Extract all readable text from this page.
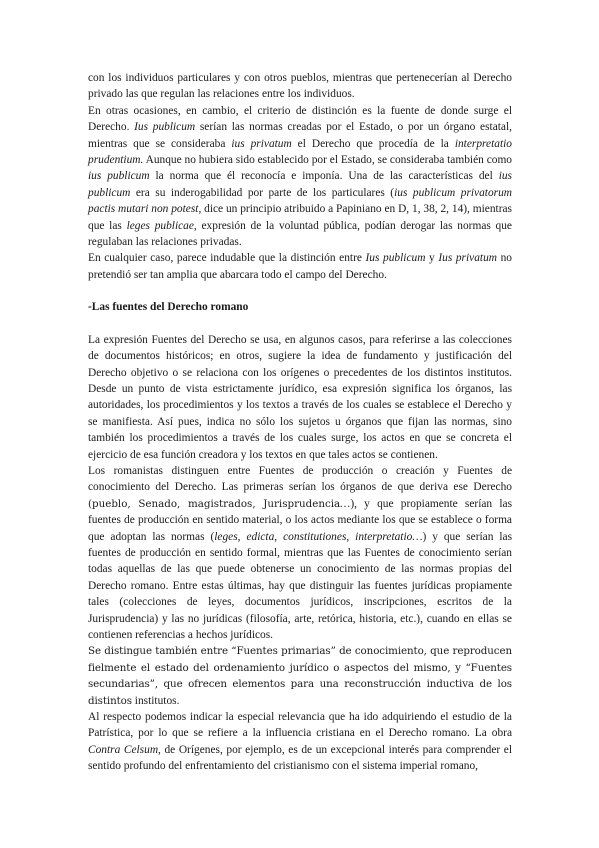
con los individuos particulares y con otros pueblos, mientras que pertenecerían al Derecho privado las que regulan las relaciones entre los individuos.

En otras ocasiones, en cambio, el criterio de distinción es la fuente de donde surge el Derecho. Ius publicum serían las normas creadas por el Estado, o por un órgano estatal, mientras que se consideraba ius privatum el Derecho que procedía de la interpretatio prudentium. Aunque no hubiera sido establecido por el Estado, se consideraba también como ius publicum la norma que él reconocía e imponía. Una de las características del ius publicum era su inderogabilidad por parte de los particulares (ius publicum privatorum pactis mutari non potest, dice un principio atribuido a Papiniano en D, 1, 38, 2, 14), mientras que las leges publicae, expresión de la voluntad pública, podían derogar las normas que regulaban las relaciones privadas.

En cualquier caso, parece indudable que la distinción entre Ius publicum y Ius privatum no pretendió ser tan amplia que abarcara todo el campo del Derecho.

-Las fuentes del Derecho romano

La expresión Fuentes del Derecho se usa, en algunos casos, para referirse a las colecciones de documentos históricos; en otros, sugiere la idea de fundamento y justificación del Derecho objetivo o se relaciona con los orígenes o precedentes de los distintos institutos. Desde un punto de vista estrictamente jurídico, esa expresión significa los órganos, las autoridades, los procedimientos y los textos a través de los cuales se establece el Derecho y se manifiesta. Así pues, indica no sólo los sujetos u órganos que fijan las normas, sino también los procedimientos a través de los cuales surge, los actos en que se concreta el ejercicio de esa función creadora y los textos en que tales actos se contienen.

Los romanistas distinguen entre Fuentes de producción o creación y Fuentes de conocimiento del Derecho. Las primeras serían los órganos de que deriva ese Derecho (pueblo, Senado, magistrados, Jurisprudencia…), y que propiamente serían las fuentes de producción en sentido material, o los actos mediante los que se establece o forma que adoptan las normas (leges, edicta, constitutiones, interpretatio…) y que serían las fuentes de producción en sentido formal, mientras que las Fuentes de conocimiento serían todas aquellas de las que puede obtenerse un conocimiento de las normas propias del Derecho romano. Entre estas últimas, hay que distinguir las fuentes jurídicas propiamente tales (colecciones de leyes, documentos jurídicos, inscripciones, escritos de la Jurisprudencia) y las no jurídicas (filosofía, arte, retórica, historia, etc.), cuando en ellas se contienen referencias a hechos jurídicos.

Se distingue también entre “Fuentes primarias” de conocimiento, que reproducen fielmente el estado del ordenamiento jurídico o aspectos del mismo, y “Fuentes secundarias”, que ofrecen elementos para una reconstrucción inductiva de los distintos institutos.

Al respecto podemos indicar la especial relevancia que ha ido adquiriendo el estudio de la Patrística, por lo que se refiere a la influencia cristiana en el Derecho romano. La obra Contra Celsum, de Orígenes, por ejemplo, es de un excepcional interés para comprender el sentido profundo del enfrentamiento del cristianismo con el sistema imperial romano,
